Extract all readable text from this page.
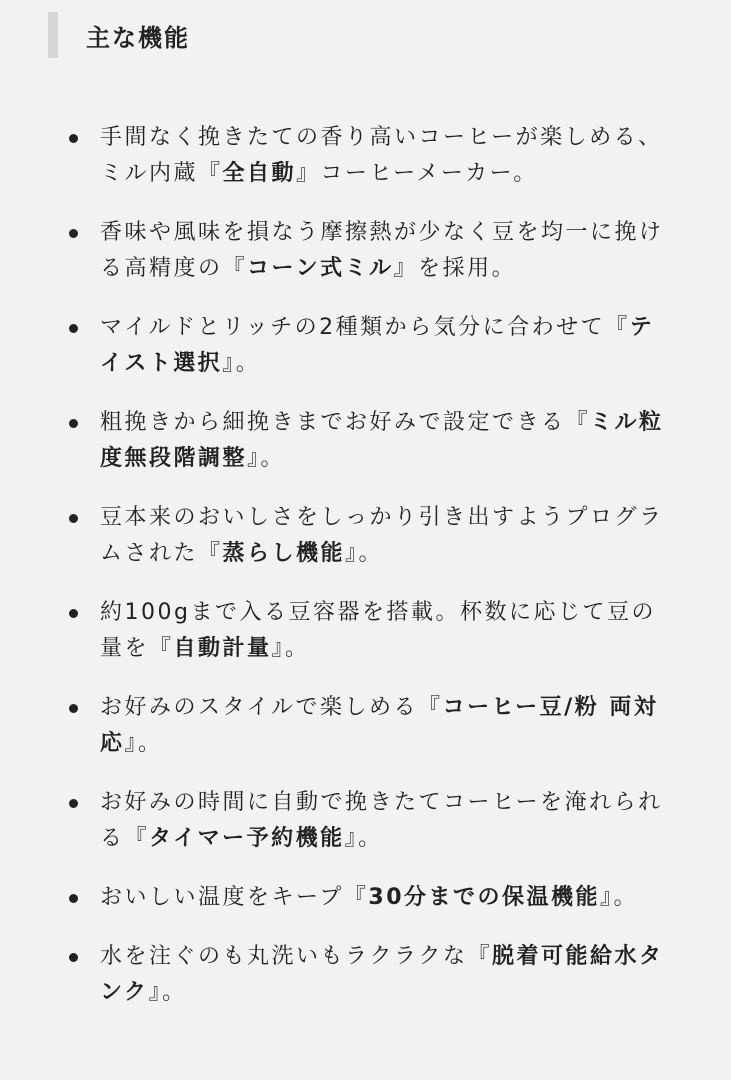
主な機能
手間なく挽きたての香り高いコーヒーが楽しめる、ミル内蔵『全自動』コーヒーメーカー。
香味や風味を損なう摩擦熱が少なく豆を均一に挽ける高精度の『コーン式ミル』を採用。
マイルドとリッチの2種類から気分に合わせて『テイスト選択』。
粗挽きから細挽きまでお好みで設定できる『ミル粒度無段階調整』。
豆本来のおいしさをしっかり引き出すようプログラムされた『蒸らし機能』。
約100gまで入る豆容器を搭載。杯数に応じて豆の量を『自動計量』。
お好みのスタイルで楽しめる『コーヒー豆/粉 両対応』。
お好みの時間に自動で挽きたてコーヒーを淹れられる『タイマー予約機能』。
おいしい温度をキープ『30分までの保温機能』。
水を注ぐのも丸洗いもラクラクな『脱着可能給水タンク』。
